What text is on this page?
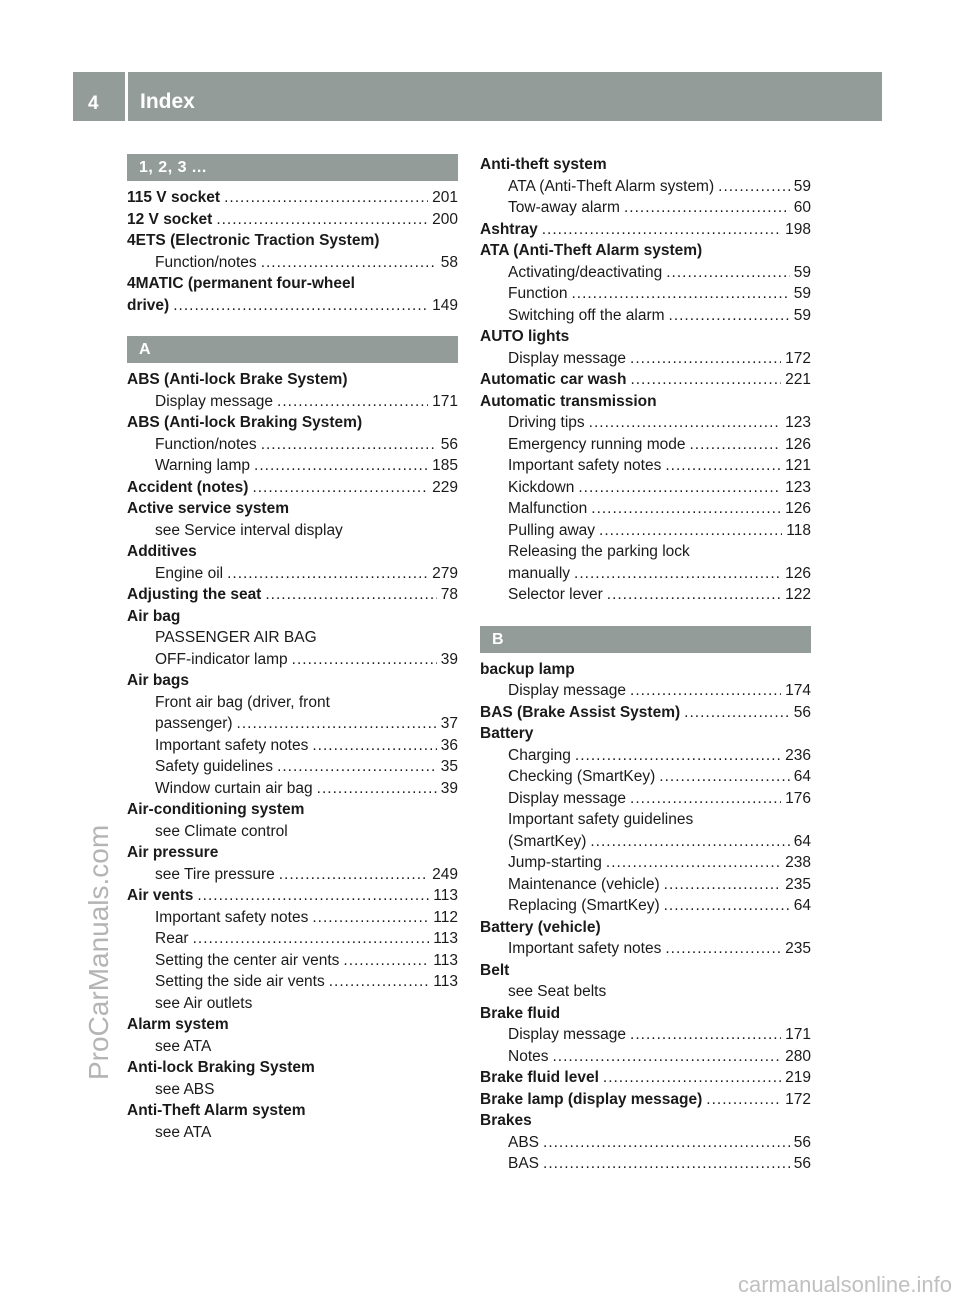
4 Index
ProCarManuals.com
carmanualsonline.info
1, 2, 3 ...
115 V socket .....	201
12 V socket .....	200
4ETS (Electronic Traction System)
Function/notes .....	58
4MATIC (permanent four-wheel
drive) .....	149
A
ABS (Anti-lock Brake System)
Display message .....	171
ABS (Anti-lock Braking System)
Function/notes .....	56
Warning lamp .....	185
Accident (notes) .....	229
Active service system
see Service interval display
Additives
Engine oil .....	279
Adjusting the seat .....	78
Air bag
PASSENGER AIR BAG
OFF-indicator lamp .....	39
Air bags
Front air bag (driver, front
passenger) .....	37
Important safety notes .....	36
Safety guidelines .....	35
Window curtain air bag .....	39
Air-conditioning system
see Climate control
Air pressure
see Tire pressure .....	249
Air vents .....	113
Important safety notes .....	112
Rear .....	113
Setting the center air vents .....	113
Setting the side air vents .....	113
see Air outlets
Alarm system
see ATA
Anti-lock Braking System
see ABS
Anti-Theft Alarm system
see ATA
Anti-theft system
ATA (Anti-Theft Alarm system) .....	59
Tow-away alarm .....	60
Ashtray .....	198
ATA (Anti-Theft Alarm system)
Activating/deactivating .....	59
Function .....	59
Switching off the alarm .....	59
AUTO lights
Display message .....	172
Automatic car wash .....	221
Automatic transmission
Driving tips .....	123
Emergency running mode .....	126
Important safety notes .....	121
Kickdown .....	123
Malfunction .....	126
Pulling away .....	118
Releasing the parking lock
manually .....	126
Selector lever .....	122
B
backup lamp
Display message .....	174
BAS (Brake Assist System) .....	56
Battery
Charging .....	236
Checking (SmartKey) .....	64
Display message .....	176
Important safety guidelines
(SmartKey) .....	64
Jump-starting .....	238
Maintenance (vehicle) .....	235
Replacing (SmartKey) .....	64
Battery (vehicle)
Important safety notes .....	235
Belt
see Seat belts
Brake fluid
Display message .....	171
Notes .....	280
Brake fluid level .....	219
Brake lamp (display message) .....	172
Brakes
ABS .....	56
BAS .....	56
